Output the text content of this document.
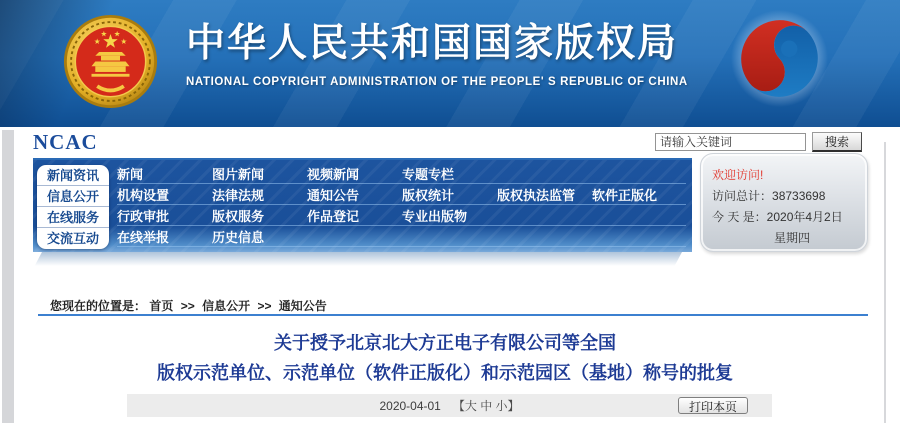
中华人民共和国国家版权局
NATIONAL COPYRIGHT ADMINISTRATION OF THE PEOPLE' S REPUBLIC OF CHINA
NCAC
请输入关键词	搜索
新闻	图片新闻	视频新闻	专题专栏
机构设置	法律法规	通知公告	版权统计	版权执法监管	软件正版化
行政审批	版权服务	作品登记	专业出版物
在线举报	历史信息
新闻资讯
信息公开
在线服务
交流互动
欢迎访问!
访问总计：38733698
今 天 是：2020年4月2日
星期四
您现在的位置是： 首页 >> 信息公开 >> 通知公告
关于授予北京北大方正电子有限公司等全国
版权示范单位、示范单位（软件正版化）和示范园区（基地）称号的批复
2020-04-01 【大 中 小】	打印本页
